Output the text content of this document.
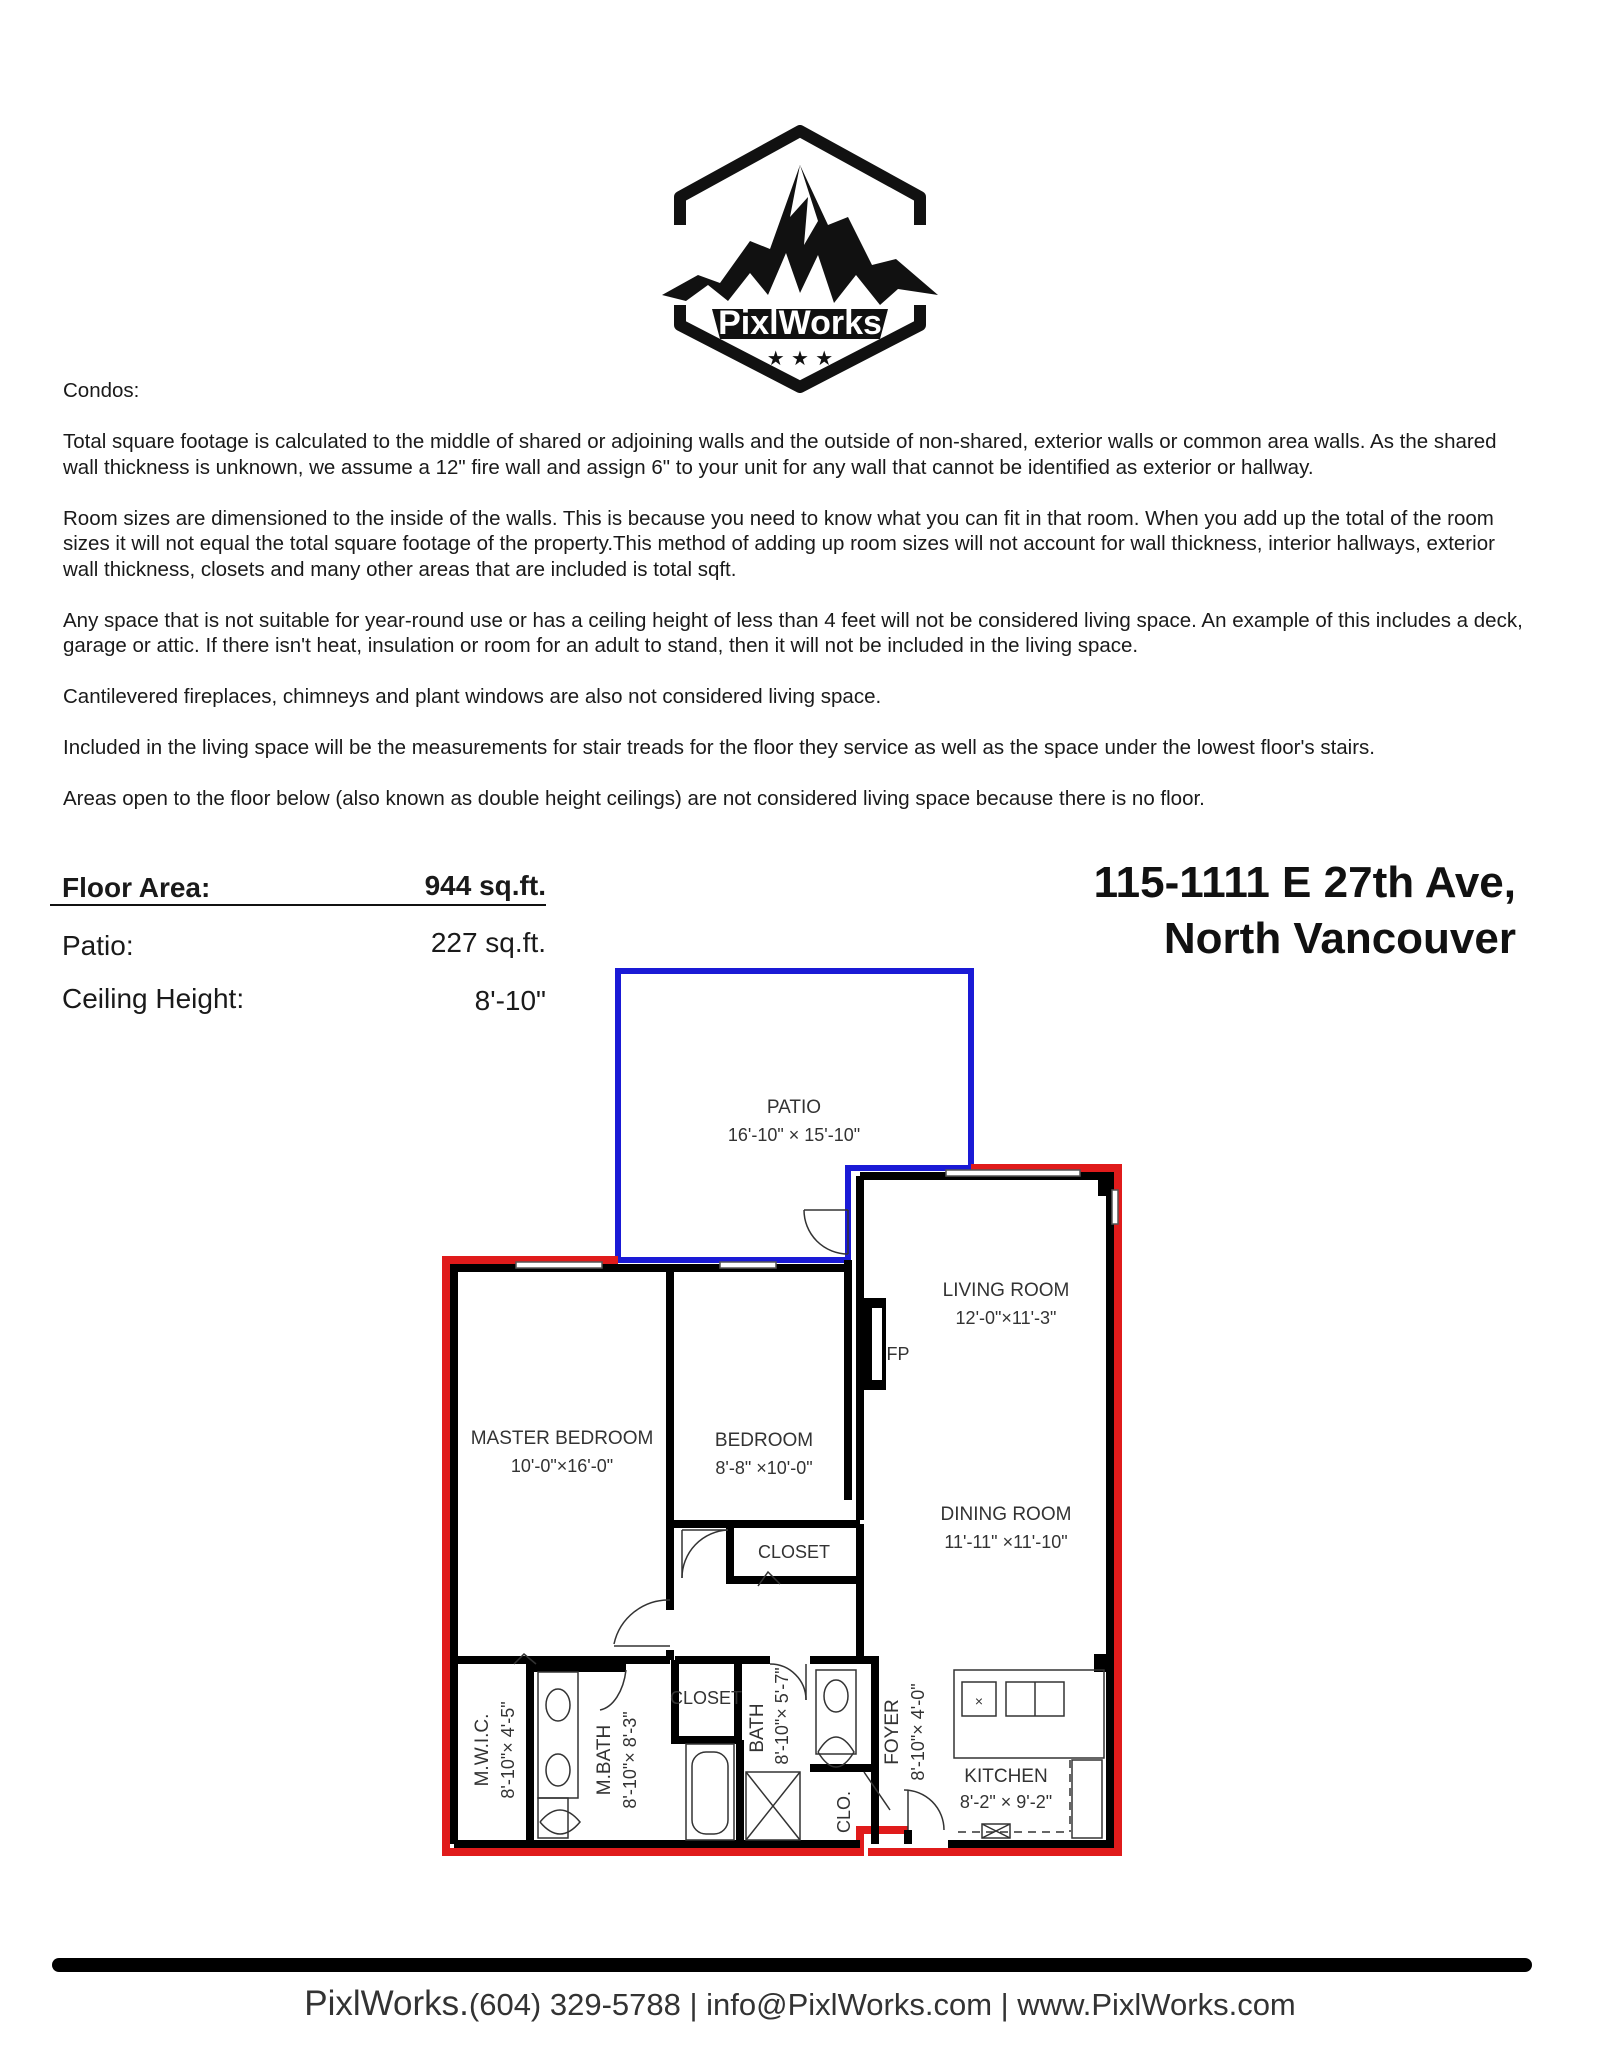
PixlWorks
★ ★ ★

Condos:

Total square footage is calculated to the middle of shared or adjoining walls and the outside of non-shared, exterior walls or common area walls. As the shared wall thickness is unknown, we assume a 12" fire wall and assign 6" to your unit for any wall that cannot be identified as exterior or hallway.

Room sizes are dimensioned to the inside of the walls. This is because you need to know what you can fit in that room. When you add up the total of the room sizes it will not equal the total square footage of the property.This method of adding up room sizes will not account for wall thickness, interior hallways, exterior wall thickness, closets and many other areas that are included is total sqft.

Any space that is not suitable for year-round use or has a ceiling height of less than 4 feet will not be considered living space. An example of this includes a deck, garage or attic. If there isn't heat, insulation or room for an adult to stand, then it will not be included in the living space.

Cantilevered fireplaces, chimneys and plant windows are also not considered living space.

Included in the living space will be the measurements for stair treads for the floor they service as well as the space under the lowest floor's stairs.

Areas open to the floor below (also known as double height ceilings) are not considered living space because there is no floor.

Floor Area:	944 sq.ft.
Patio:	227 sq.ft.
Ceiling Height:	8'-10"
115-1111 E 27th Ave,
North Vancouver
×
PATIO
16'-10" × 15'-10"
LIVING ROOM
12'-0"×11'-3"
FP
MASTER BEDROOM
10'-0"×16'-0"
BEDROOM
8'-8" ×10'-0"
CLOSET
DINING ROOM
11'-11" ×11'-10"
M.W.I.C. 8'-10"× 4'-5"	M.BATH 8'-10"× 8'-3"
CLOSET
BATH 8'-10"× 5'-7"
CLO.
FOYER 8'-10"× 4'-0" KITCHEN
8'-2" × 9'-2"
PixlWorks.(604) 329-5788 | info@PixlWorks.com | www.PixlWorks.com
